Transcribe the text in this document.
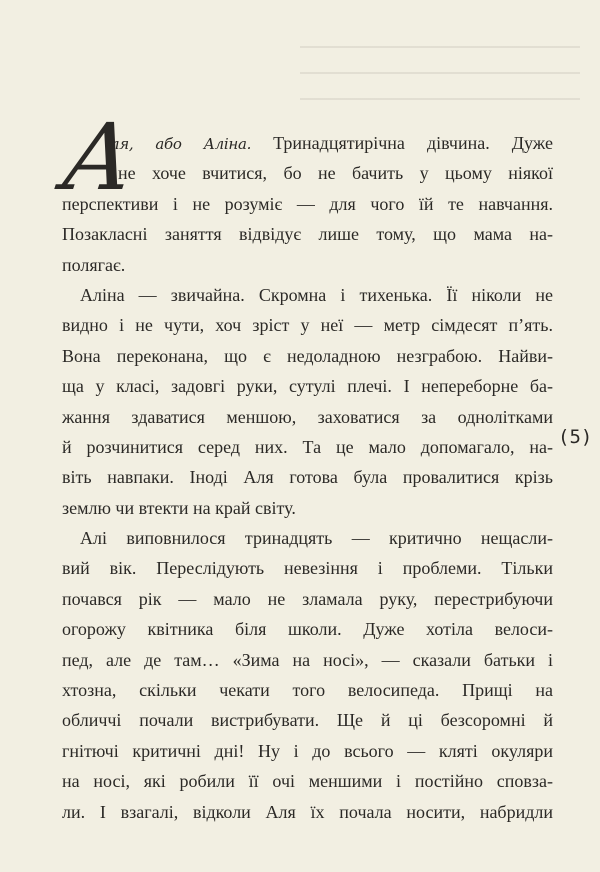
А
ля, або Аліна. Тринадцятирічна дівчина. Дуже
не хоче вчитися, бо не бачить у цьому ніякої
перспективи і не розуміє — для чого їй те навчання.
Позакласні заняття відвідує лише тому, що мама на-
полягає.
Аліна — звичайна. Скромна і тихенька. Її ніколи не
видно і не чути, хоч зріст у неї — метр сімдесят п’ять.
Вона переконана, що є недоладною незграбою. Найви-
ща у класі, задовгі руки, сутулі плечі. І непереборне ба-
жання здаватися меншою, заховатися за однолітками
й розчинитися серед них. Та це мало допомагало, на-
віть навпаки. Іноді Аля готова була провалитися крізь
землю чи втекти на край світу.
Алі виповнилося тринадцять — критично нещасли-
вий вік. Переслідують невезіння і проблеми. Тільки
почався рік — мало не зламала руку, перестрибуючи
огорожу квітника біля школи. Дуже хотіла велоси-
пед, але де там… «Зима на носі», — сказали батьки і
хтозна, скільки чекати того велосипеда. Прищі на
обличчі почали вистрибувати. Ще й ці безсоромні й
гнітючі критичні дні! Ну і до всього — кляті окуляри
на носі, які робили її очі меншими і постійно сповза-
ли. І взагалі, відколи Аля їх почала носити, набридли
(5)
